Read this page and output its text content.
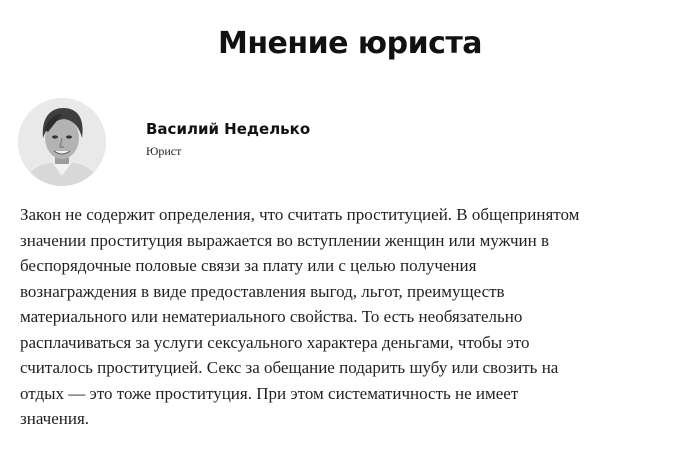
Мнение юриста
Василий Неделько
Юрист
Закон не содержит определения, что считать проституцией. В общепринятом
значении проституция выражается во вступлении женщин или мужчин в
беспорядочные половые связи за плату или с целью получения
вознаграждения в виде предоставления выгод, льгот, преимуществ
материального или нематериального свойства. То есть необязательно
расплачиваться за услуги сексуального характера деньгами, чтобы это
считалось проституцией. Секс за обещание подарить шубу или свозить на
отдых — это тоже проституция. При этом систематичность не имеет
значения.
